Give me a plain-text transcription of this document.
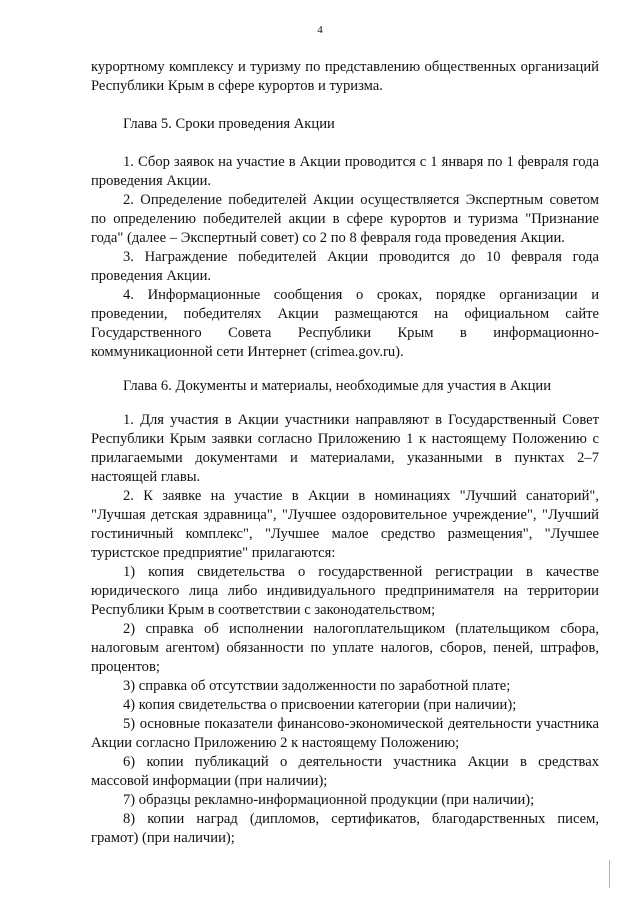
4

курортному комплексу и туризму по представлению общественных организаций Республики Крым в сфере курортов и туризма.

Глава 5. Сроки проведения Акции

1. Сбор заявок на участие в Акции проводится с 1 января по 1 февраля года проведения Акции.

2. Определение победителей Акции осуществляется Экспертным советом по определению победителей акции в сфере курортов и туризма "Признание года" (далее – Экспертный совет) со 2 по 8 февраля года проведения Акции.

3. Награждение победителей Акции проводится до 10 февраля года проведения Акции.

4. Информационные сообщения о сроках, порядке организации и проведении, победителях Акции размещаются на официальном сайте Государственного Совета Республики Крым в информационно-коммуникационной сети Интернет (crimea.gov.ru).

Глава 6. Документы и материалы, необходимые для участия в Акции

1. Для участия в Акции участники направляют в Государственный Совет Республики Крым заявки согласно Приложению 1 к настоящему Положению с прилагаемыми документами и материалами, указанными в пунктах 2–7 настоящей главы.

2. К заявке на участие в Акции в номинациях "Лучший санаторий", "Лучшая детская здравница", "Лучшее оздоровительное учреждение", "Лучший гостиничный комплекс", "Лучшее малое средство размещения", "Лучшее туристское предприятие" прилагаются:

1) копия свидетельства о государственной регистрации в качестве юридического лица либо индивидуального предпринимателя на территории Республики Крым в соответствии с законодательством;

2) справка об исполнении налогоплательщиком (плательщиком сбора, налоговым агентом) обязанности по уплате налогов, сборов, пеней, штрафов, процентов;

3) справка об отсутствии задолженности по заработной плате;

4) копия свидетельства о присвоении категории (при наличии);

5) основные показатели финансово-экономической деятельности участника Акции согласно Приложению 2 к настоящему Положению;

6) копии публикаций о деятельности участника Акции в средствах массовой информации (при наличии);

7) образцы рекламно-информационной продукции (при наличии);

8) копии наград (дипломов, сертификатов, благодарственных писем, грамот) (при наличии);
